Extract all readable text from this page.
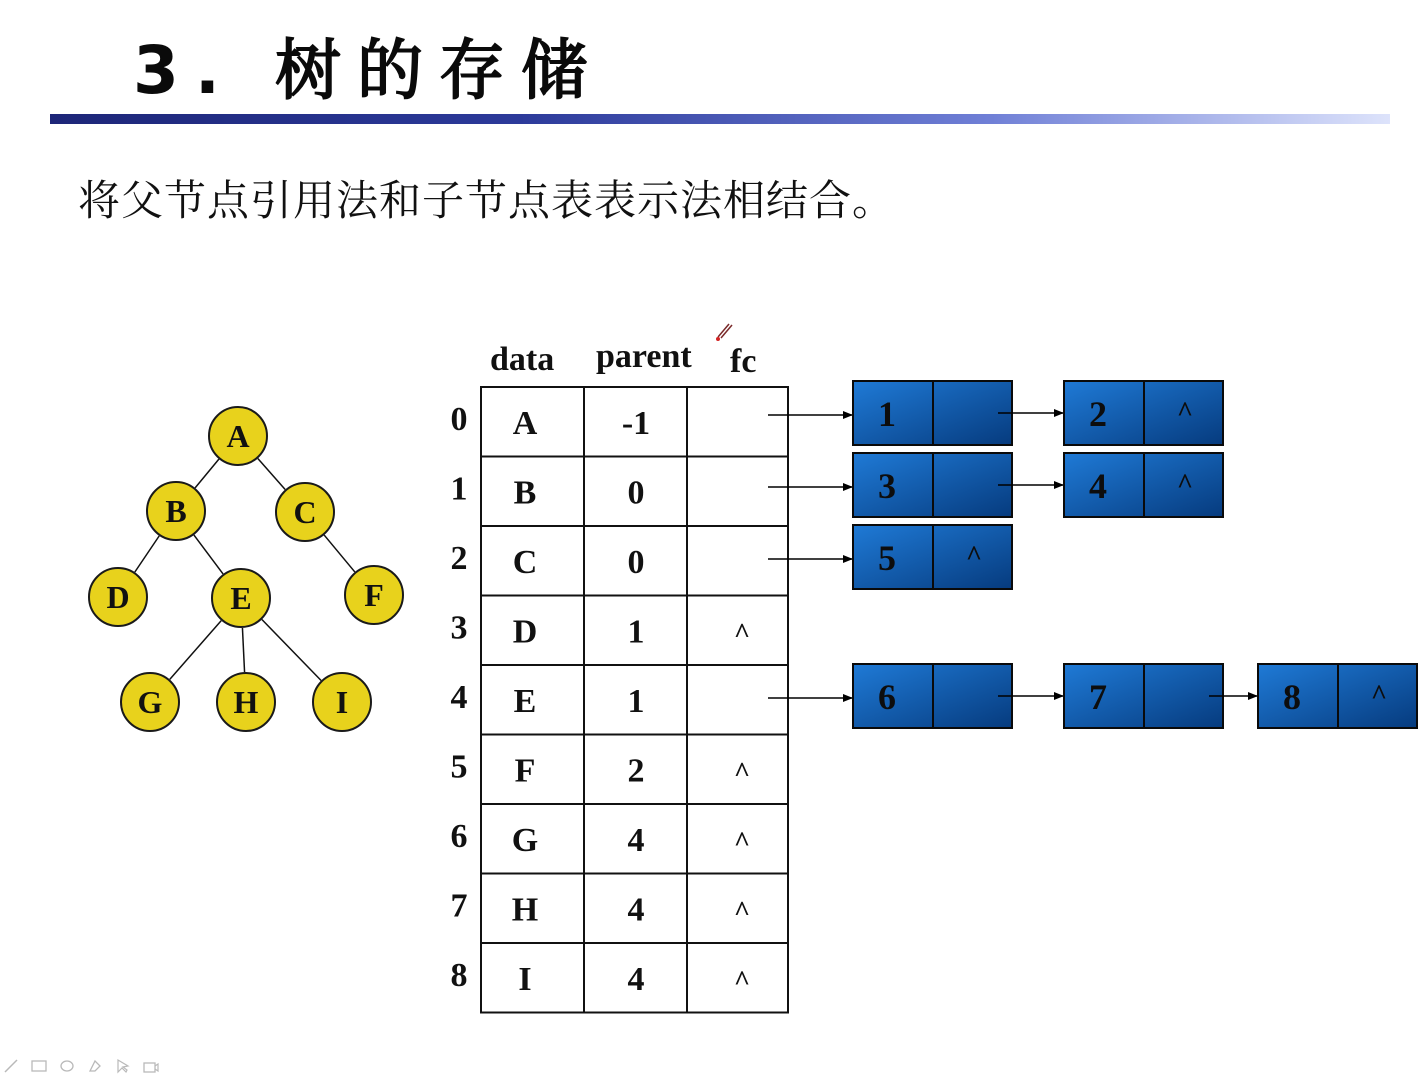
3. 树的存储
将父节点引用法和子节点表表示法相结合。
A
B	C
D	E	F
G H I
data parent fc
0 A -1
1 B	0
2 C	0
3 D	1	^
4 E	1
5 F	2	^
6 G	4	^
7 H	4	^
8 I	4	^
1	2 ^
3	4 ^
5 ^
6	7	8 ^
